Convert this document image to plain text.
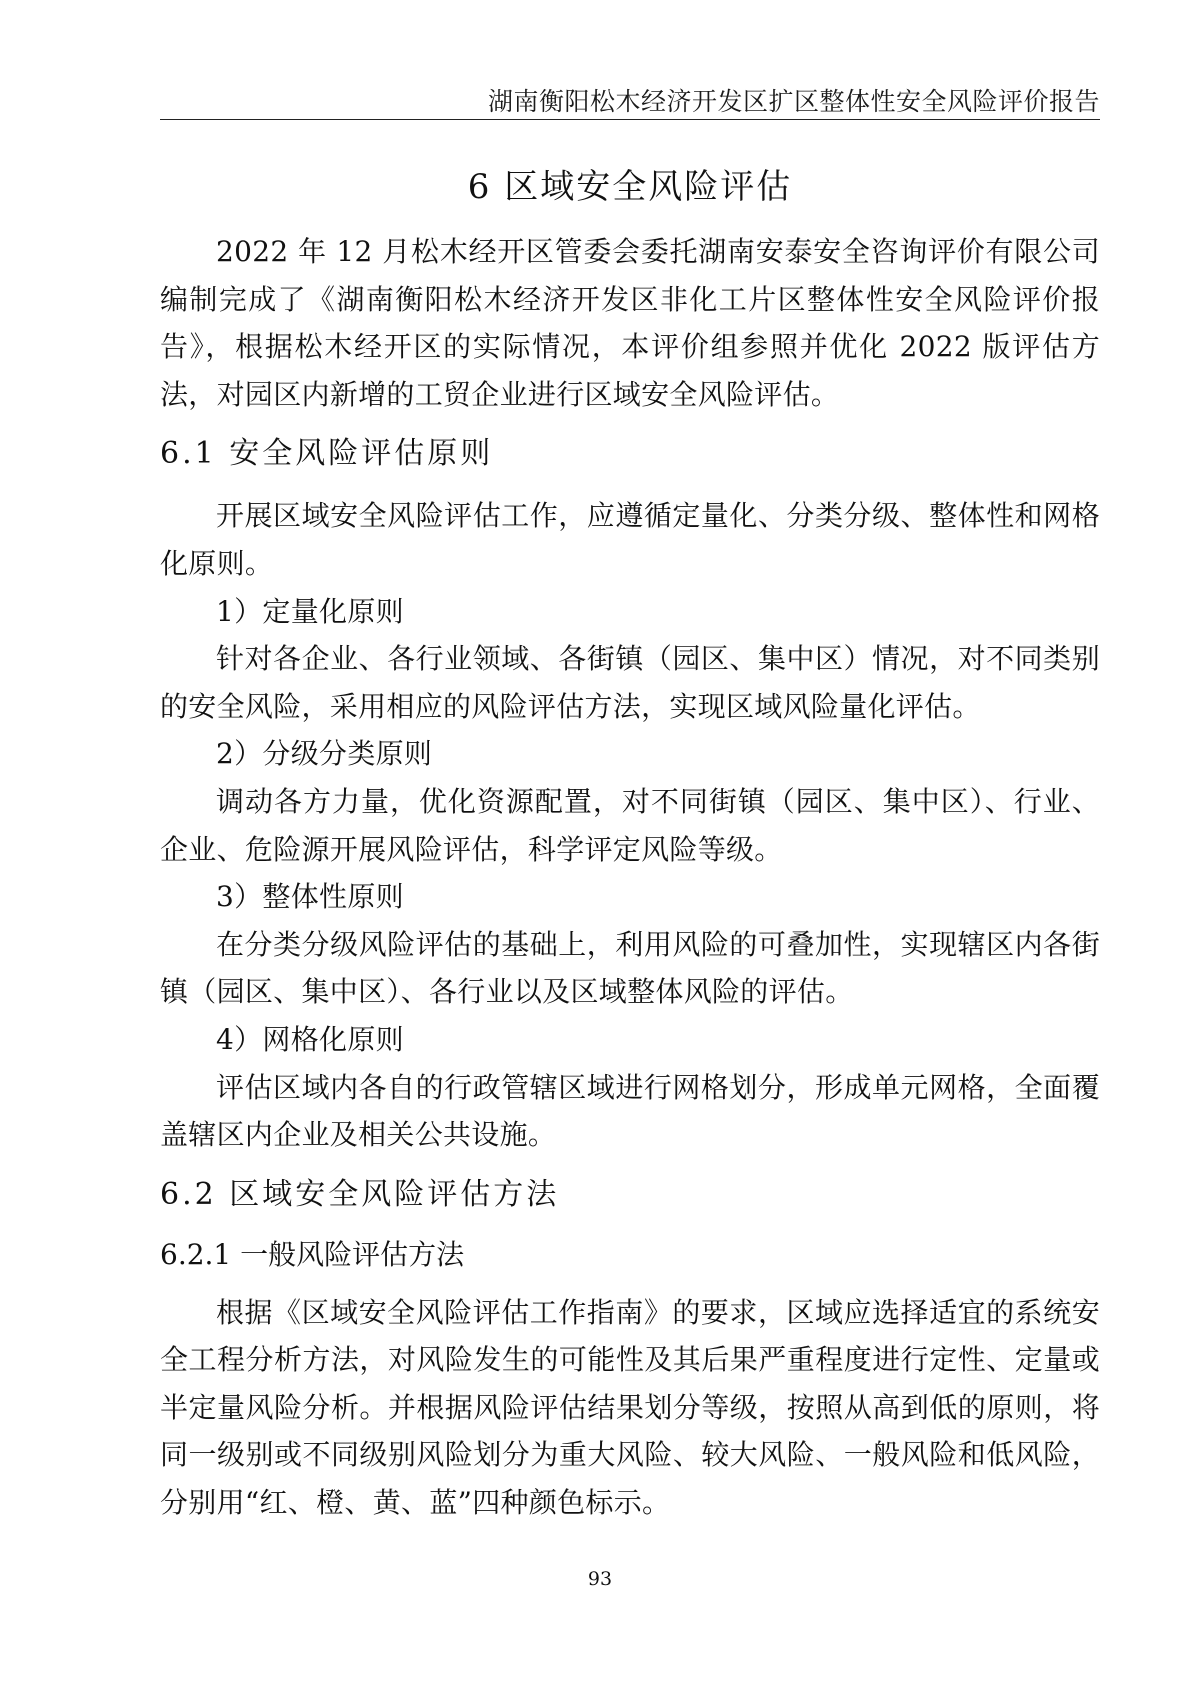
湖南衡阳松木经济开发区扩区整体性安全风险评价报告
6 区域安全风险评估

2022 年 12 月松木经开区管委会委托湖南安泰安全咨询评价有限公司编制完成了《湖南衡阳松木经济开发区非化工片区整体性安全风险评价报告》，根据松木经开区的实际情况，本评价组参照并优化 2022 版评估方法，对园区内新增的工贸企业进行区域安全风险评估。

6.1 安全风险评估原则

开展区域安全风险评估工作，应遵循定量化、分类分级、整体性和网格化原则。

1）定量化原则

针对各企业、各行业领域、各街镇（园区、集中区）情况，对不同类别的安全风险，采用相应的风险评估方法，实现区域风险量化评估。

2）分级分类原则

调动各方力量，优化资源配置，对不同街镇（园区、集中区）、行业、企业、危险源开展风险评估，科学评定风险等级。

3）整体性原则

在分类分级风险评估的基础上，利用风险的可叠加性，实现辖区内各街镇（园区、集中区）、各行业以及区域整体风险的评估。

4）网格化原则

评估区域内各自的行政管辖区域进行网格划分，形成单元网格，全面覆盖辖区内企业及相关公共设施。

6.2 区域安全风险评估方法
6.2.1 一般风险评估方法

根据《区域安全风险评估工作指南》的要求，区域应选择适宜的系统安全工程分析方法，对风险发生的可能性及其后果严重程度进行定性、定量或半定量风险分析。并根据风险评估结果划分等级，按照从高到低的原则，将同一级别或不同级别风险划分为重大风险、较大风险、一般风险和低风险，分别用“红、橙、黄、蓝”四种颜色标示。

93
